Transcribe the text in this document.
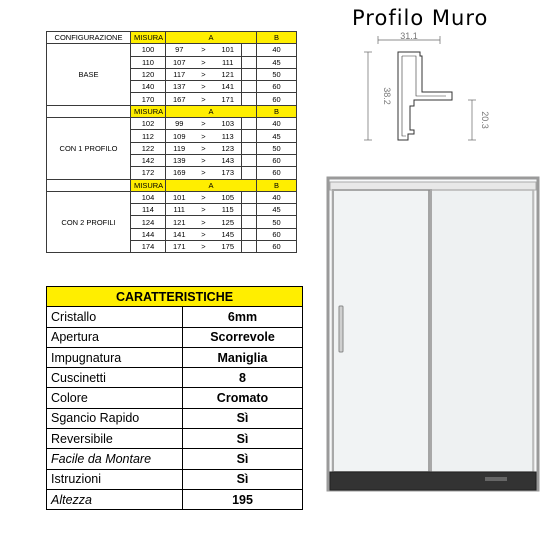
CONFIGURAZIONE	MISURA	A				B
BASE	100	97	>	101		40
	110	107	>	111		45
	120	117	>	121		50
	140	137	>	141		60
	170	167	>	171		60
	MISURA	A				B
CON 1 PROFILO	102	99	>	103		40
	112	109	>	113		45
	122	119	>	123		50
	142	139	>	143		60
	172	169	>	173		60
	MISURA	A				B
CON 2 PROFILI	104	101	>	105		40
	114	111	>	115		45
	124	121	>	125		50
	144	141	>	145		60
	174	171	>	175		60
CARATTERISTICHE	
Cristallo	6mm
Apertura	Scorrevole
Impugnatura	Maniglia
Cuscinetti	8
Colore	Cromato
Sgancio Rapido	Sì
Reversibile	Sì
Facile da Montare	Sì
Istruzioni	Sì
Altezza	195
Profilo Muro
31.1
38.2
20.3
